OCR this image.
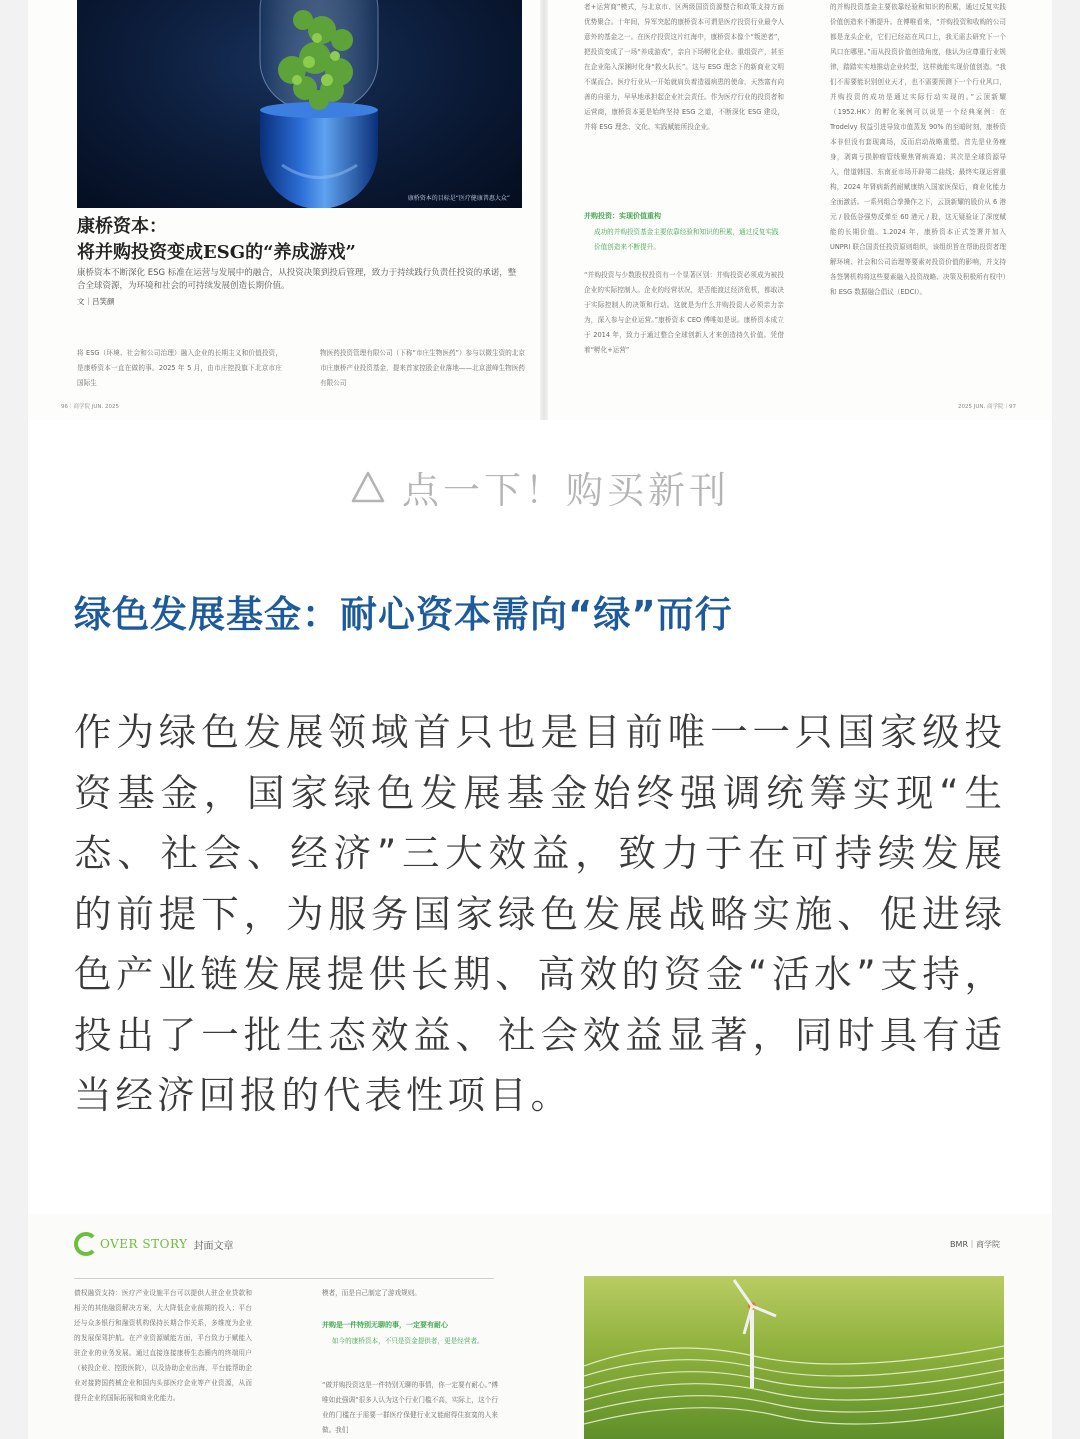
康桥资本的目标是“医疗健康普惠大众”
康桥资本：
将并购投资变成ESG的“养成游戏”
康桥资本不断深化 ESG 标准在运营与发展中的融合，从投资决策到投后管理，致力于持续践行负责任投资的承诺，整合全球资源，为环境和社会的可持续发展创造长期价值。
文｜吕笑颜
将 ESG（环境、社会和公司治理）融入企业的长期主义和价值投资，是康桥资本一直在做的事。2025 年 5 月，由市庄控投旗下北京市庄国际生
物医药投资管理有限公司（下称“市庄生物医药”）参与以微生资的北京市庄康桥产业投资基金，提来首家控股企业落地——北京滋峰生物医药有限公司
者+运营商”模式，与北京市、区两级国资资源整合和政策支持方面优势聚合。十年间，异军突起的康桥资本可谓是医疗投资行业最令人意外的基金之一。在医疗投资这片红海中，康桥资本像个“叛逆者”，把投资变成了一场“养成游戏”，亲自下场孵化企业、重组资产，甚至在企业陷入深渊时化身“救火队长”。这与 ESG 理念下的新商业文明不谋而合。医疗行业从一开始就肩负着造福病患的使命，天然富有向善的自驱力，早早地承担起企业社会责任。作为医疗行业的投资者和运营商，康桥资本更是始终坚持 ESG 之道，不断深化 ESG 建设，并将 ESG 理念、文化、实践赋能所投企业。
并购投资：实现价值重构
成功的并购投资基金主要依靠经验和知识的积累，通过反复实践价值创造来不断提升。
“并购投资与少数股权投资有一个显著区别：并购投资必须成为被投企业的实际控制人。企业的经营状况，是否能渡过经济危机，都取决于实际控制人的决策和行动。这就是为什么并购投资人必须亲力亲为，深入参与企业运营。”康桥资本 CEO 傅唯如是说。康桥资本成立于 2014 年，致力于通过整合全球创新人才来创造持久价值。凭借着“孵化+运营”
的并购投资基金主要依靠经验和知识的积累，通过反复实践价值创造来不断提升。在傅唯看来，“并购投资和收购的公司都是龙头企业，它们已经站在风口上，我无需去研究下一个风口在哪里。”而从投资价值创造角度，他认为应尊重行业规律，踏踏实实地推动企业转型，这样就能实现价值创造。“我们不需要能识别创业天才，也不需要预测下一个行业风口，并购投资的成功是通过实际行动实现的。”云顶新耀（1952.HK）的孵化案例可以说是一个经典案例：在 Trodelvy 权益引进导致市值蒸发 90% 的至暗时刻，康桥资本非但没有套现离场，反而启动战略重塑。首先是业务瘦身，剥离亏损肿瘤管线聚焦肾病赛道；其次是全球资源导入，借道韩国、东南亚市场开辟第二曲线；最终实现运营重构，2024 年肾病新药耐赋康纳入国家医保后，商业化能力全面激活。一系列组合拳操作之下，云顶新耀的股价从 6 港元 / 股低谷强势反弹至 60 港元 / 股，这无疑验证了深度赋能的长期价值。1.2024 年，康桥资本正式签署并加入 UNPRI 联合国责任投资原则组织，该组织旨在帮助投资者理解环境、社会和公司治理等要素对投资价值的影响，并支持各签署机构将这些要素融入投资战略、决策及积极所有权中）和 ESG 数据融合倡议（EDCI）。
96｜商学院 JUN. 2025	2025 JUN. 商学院｜97
点一下！购买新刊
绿色发展基金：耐心资本需向“绿”而行
作为绿色发展领域首只也是目前唯一一只国家级投资基金，国家绿色发展基金始终强调统筹实现“生态、社会、经济”三大效益，致力于在可持续发展的前提下，为服务国家绿色发展战略实施、促进绿色产业链发展提供长期、高效的资金“活水”支持，投出了一批生态效益、社会效益显著，同时具有适当经济回报的代表性项目。
OVER STORY 封面文章	BMR｜商学院
债权融资支持：医疗产业设施平台可以提供人驻企业贷款和相关的其他融资解决方案，大大降低企业前期的投入；平台还与众多银行和融资机构保持长期合作关系，多维度为企业的发展保驾护航。在产业资源赋能方面，平台致力于赋能入驻企业的业务发展。通过直接连接康桥生态圈内的终端用户（被投企业、控股医院），以及协助企业出海，平台能帮助企业对接跨国药械企业和国内头部医疗企业等产业资源，从而提升企业的国际拓展和商业化能力。
模者，而是自己制定了游戏规则。
并购是一件特别无聊的事，一定要有耐心
如今的康桥资本，不只是资金提供者，更是经营者。
“做并购投资这是一件特别无聊的事情，你一定要有耐心。”傅唯如此强调“很多人认为这个行业门槛不高，实际上，这个行业的门槛在于需要一群医疗保健行业又能耐得住寂寞的人来做。我们
